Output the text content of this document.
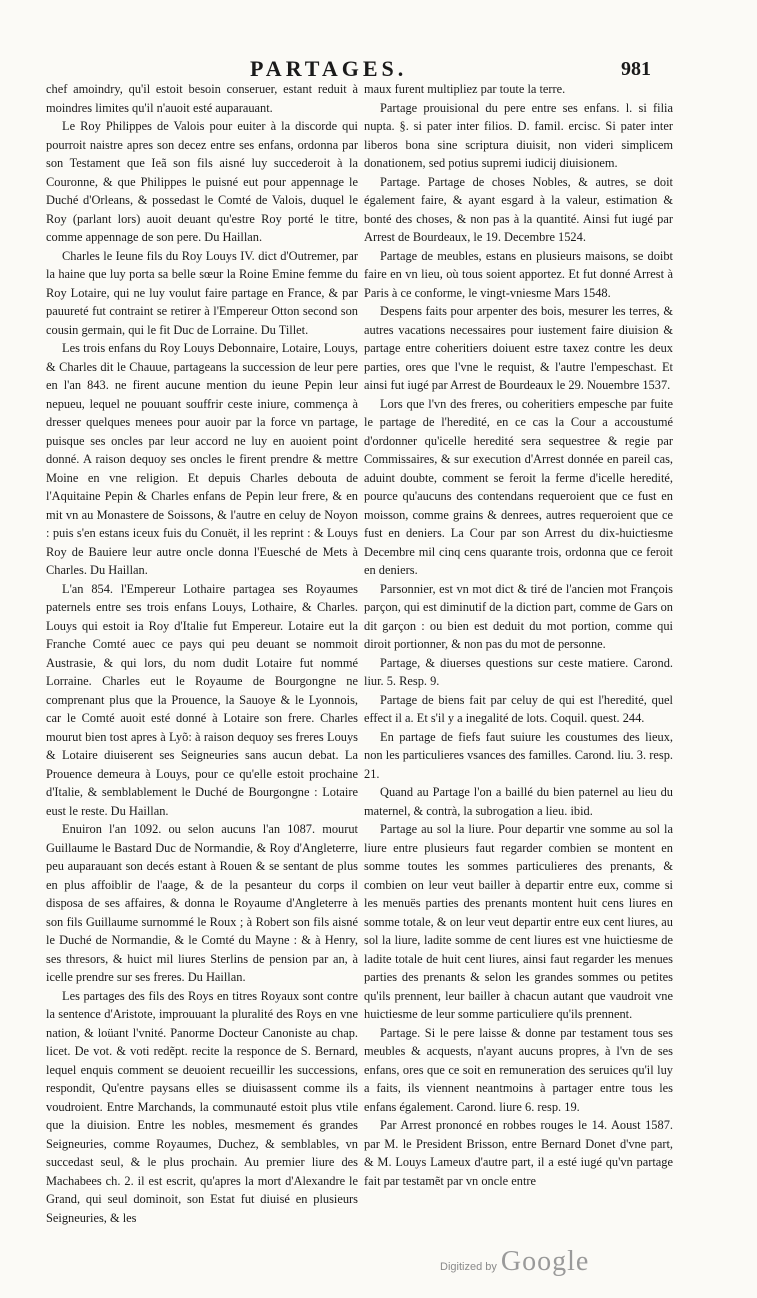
PARTAGES.	981

chef amoindry, qu'il estoit besoin conseruer, estant reduit à moindres limites qu'il n'auoit esté auparauant.

Le Roy Philippes de Valois pour euiter à la discorde qui pourroit naistre apres son decez entre ses enfans, ordonna par son Testament que Ieã son fils aisné luy succederoit à la Couronne, & que Philippes le puisné eut pour appennage le Duché d'Orleans, & possedast le Comté de Valois, duquel le Roy (parlant lors) auoit deuant qu'estre Roy porté le titre, comme appennage de son pere. Du Haillan.

Charles le Ieune fils du Roy Louys IV. dict d'Outremer, par la haine que luy porta sa belle sœur la Roine Emine femme du Roy Lotaire, qui ne luy voulut faire partage en France, & par pauureté fut contraint se retirer à l'Empereur Otton second son cousin germain, qui le fit Duc de Lorraine. Du Tillet.

Les trois enfans du Roy Louys Debonnaire, Lotaire, Louys, & Charles dit le Chauue, partageans la succession de leur pere en l'an 843. ne firent aucune mention du ieune Pepin leur nepueu, lequel ne pouuant souffrir ceste iniure, commença à dresser quelques menees pour auoir par la force vn partage, puisque ses oncles par leur accord ne luy en auoient point donné. A raison dequoy ses oncles le firent prendre & mettre Moine en vne religion. Et depuis Charles debouta de l'Aquitaine Pepin & Charles enfans de Pepin leur frere, & en mit vn au Monastere de Soissons, & l'autre en celuy de Noyon : puis s'en estans iceux fuis du Conuët, il les reprint : & Louys Roy de Bauiere leur autre oncle donna l'Euesché de Mets à Charles. Du Haillan.

L'an 854. l'Empereur Lothaire partagea ses Royaumes paternels entre ses trois enfans Louys, Lothaire, & Charles. Louys qui estoit ia Roy d'Italie fut Empereur. Lotaire eut la Franche Comté auec ce pays qui peu deuant se nommoit Austrasie, & qui lors, du nom dudit Lotaire fut nommé Lorraine. Charles eut le Royaume de Bourgongne ne comprenant plus que la Prouence, la Sauoye & le Lyonnois, car le Comté auoit esté donné à Lotaire son frere. Charles mourut bien tost apres à Lyõ: à raison dequoy ses freres Louys & Lotaire diuiserent ses Seigneuries sans aucun debat. La Prouence demeura à Louys, pour ce qu'elle estoit prochaine d'Italie, & semblablement le Duché de Bourgongne : Lotaire eust le reste. Du Haillan.

Enuiron l'an 1092. ou selon aucuns l'an 1087. mourut Guillaume le Bastard Duc de Normandie, & Roy d'Angleterre, peu auparauant son decés estant à Rouen & se sentant de plus en plus affoiblir de l'aage, & de la pesanteur du corps il disposa de ses affaires, & donna le Royaume d'Angleterre à son fils Guillaume surnommé le Roux ; à Robert son fils aisné le Duché de Normandie, & le Comté du Mayne : & à Henry, ses thresors, & huict mil liures Sterlins de pension par an, à icelle prendre sur ses freres. Du Haillan.

Les partages des fils des Roys en titres Royaux sont contre la sentence d'Aristote, improuuant la pluralité des Roys en vne nation, & loüant l'vnité. Panorme Docteur Canoniste au chap. licet. De vot. & voti redẽpt. recite la responce de S. Bernard, lequel enquis comment se deuoient recueillir les successions, respondit, Qu'entre paysans elles se diuisassent comme ils voudroient. Entre Marchands, la communauté estoit plus vtile que la diuision. Entre les nobles, mesmement és grandes Seigneuries, comme Royaumes, Duchez, & semblables, vn succedast seul, & le plus prochain. Au premier liure des Machabees ch. 2. il est escrit, qu'apres la mort d'Alexandre le Grand, qui seul dominoit, son Estat fut diuisé en plusieurs Seigneuries, & les

maux furent multipliez par toute la terre.

Partage prouisional du pere entre ses enfans. l. si filia nupta. §. si pater inter filios. D. famil. ercisc. Si pater inter liberos bona sine scriptura diuisit, non videri simplicem donationem, sed potius supremi iudicij diuisionem.

Partage. Partage de choses Nobles, & autres, se doit également faire, & ayant esgard à la valeur, estimation & bonté des choses, & non pas à la quantité. Ainsi fut iugé par Arrest de Bourdeaux, le 19. Decembre 1524.

Partage de meubles, estans en plusieurs maisons, se doibt faire en vn lieu, où tous soient apportez. Et fut donné Arrest à Paris à ce conforme, le vingt-vniesme Mars 1548.

Despens faits pour arpenter des bois, mesurer les terres, & autres vacations necessaires pour iustement faire diuision & partage entre coheritiers doiuent estre taxez contre les deux parties, ores que l'vne le requist, & l'autre l'empeschast. Et ainsi fut iugé par Arrest de Bourdeaux le 29. Nouembre 1537.

Lors que l'vn des freres, ou coheritiers empesche par fuite le partage de l'heredité, en ce cas la Cour a accoustumé d'ordonner qu'icelle heredité sera sequestree & regie par Commissaires, & sur execution d'Arrest donnée en pareil cas, aduint doubte, comment se feroit la ferme d'icelle heredité, pource qu'aucuns des contendans requeroient que ce fust en moisson, comme grains & denrees, autres requeroient que ce fust en deniers. La Cour par son Arrest du dix-huictiesme Decembre mil cinq cens quarante trois, ordonna que ce feroit en deniers.

Parsonnier, est vn mot dict & tiré de l'ancien mot François parçon, qui est diminutif de la diction part, comme de Gars on dit garçon : ou bien est deduit du mot portion, comme qui diroit portionner, & non pas du mot de personne.

Partage, & diuerses questions sur ceste matiere. Carond. liur. 5. Resp. 9.

Partage de biens fait par celuy de qui est l'heredité, quel effect il a. Et s'il y a inegalité de lots. Coquil. quest. 244.

En partage de fiefs faut suiure les coustumes des lieux, non les particulieres vsances des familles. Carond. liu. 3. resp. 21.

Quand au Partage l'on a baillé du bien paternel au lieu du maternel, & contrà, la subrogation a lieu. ibid.

Partage au sol la liure. Pour departir vne somme au sol la liure entre plusieurs faut regarder combien se montent en somme toutes les sommes particulieres des prenants, & combien on leur veut bailler à departir entre eux, comme si les menuës parties des prenants montent huit cens liures en somme totale, & on leur veut departir entre eux cent liures, au sol la liure, ladite somme de cent liures est vne huictiesme de ladite totale de huit cent liures, ainsi faut regarder les menues parties des prenants & selon les grandes sommes ou petites qu'ils prennent, leur bailler à chacun autant que vaudroit vne huictiesme de leur somme particuliere qu'ils prennent.

Partage. Si le pere laisse & donne par testament tous ses meubles & acquests, n'ayant aucuns propres, à l'vn de ses enfans, ores que ce soit en remuneration des seruices qu'il luy a faits, ils viennent neantmoins à partager entre tous les enfans également. Carond. liure 6. resp. 19.

Par Arrest prononcé en robbes rouges le 14. Aoust 1587. par M. le President Brisson, entre Bernard Donet d'vne part, & M. Louys Lameux d'autre part, il a esté iugé qu'vn partage fait par testamẽt par vn oncle entre

Digitized by Google
